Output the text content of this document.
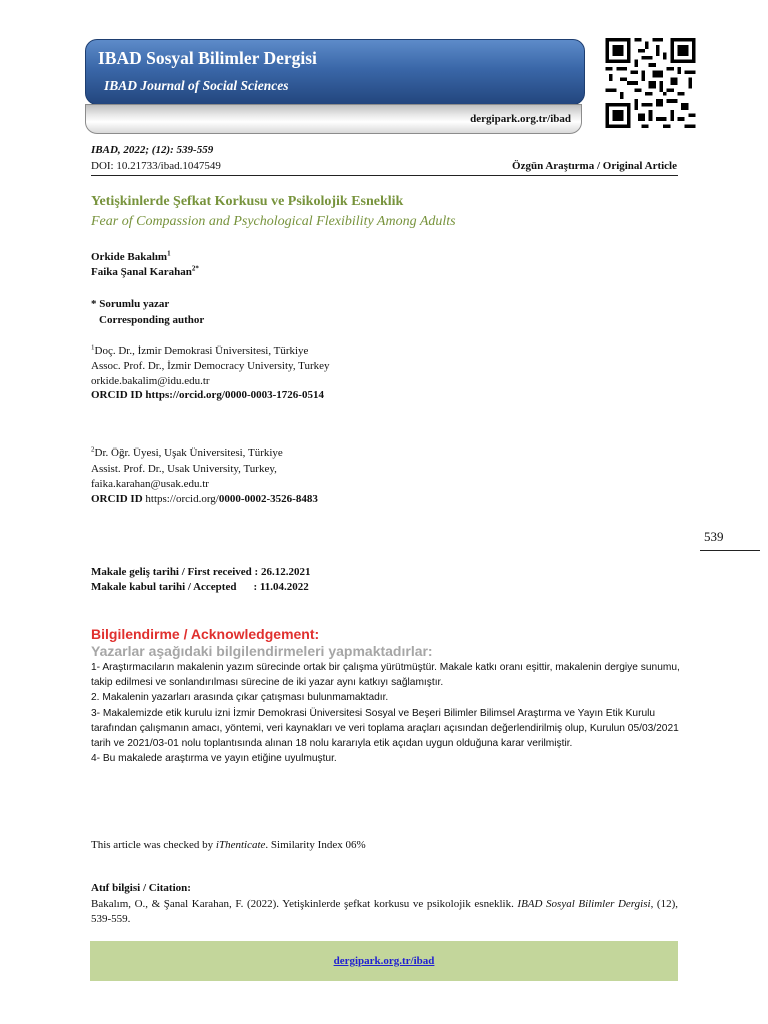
IBAD Sosyal Bilimler Dergisi
IBAD Journal of Social Sciences
dergipark.org.tr/ibad
IBAD, 2022; (12): 539-559
DOI: 10.21733/ibad.1047549	Özgün Araştırma / Original Article
Yetişkinlerde Şefkat Korkusu ve Psikolojik Esneklik
Fear of Compassion and Psychological Flexibility Among Adults
Orkide Bakalım$^1$
Faika Şanal Karahan$^{2*}$
* Sorumlu yazar
Corresponding author
$^1$Doç. Dr., İzmir Demokrasi Üniversitesi, Türkiye
Assoc. Prof. Dr., İzmir Democracy University, Turkey
orkide.bakalim@idu.edu.tr
ORCID ID https://orcid.org/0000-0003-1726-0514
$^2$Dr. Öğr. Üyesi, Uşak Üniversitesi, Türkiye
Assist. Prof. Dr., Usak University, Turkey,
faika.karahan@usak.edu.tr
ORCID ID https://orcid.org/0000-0002-3526-8483
539
Makale geliş tarihi / First received : 26.12.2021
Makale kabul tarihi / Accepted : 11.04.2022
Bilgilendirme / Acknowledgement:
Yazarlar aşağıdaki bilgilendirmeleri yapmaktadırlar:

1- Araştırmacıların makalenin yazım sürecinde ortak bir çalışma yürütmüştür. Makale katkı oranı eşittir, makalenin dergiye sunumu, takip edilmesi ve sonlandırılması sürecine de iki yazar aynı katkıyı sağlamıştır.

2. Makalenin yazarları arasında çıkar çatışması bulunmamaktadır.

3- Makalemizde etik kurulu izni İzmir Demokrasi Üniversitesi Sosyal ve Beşeri Bilimler Bilimsel Araştırma ve Yayın Etik Kurulu tarafından çalışmanın amacı, yöntemi, veri kaynakları ve veri toplama araçları açısından değerlendirilmiş olup, Kurulun 05/03/2021 tarih ve 2021/03-01 nolu toplantısında alınan 18 nolu kararıyla etik açıdan uygun olduğuna karar verilmiştir.

4- Bu makalede araştırma ve yayın etiğine uyulmuştur.

This article was checked by iThenticate. Similarity Index 06%
Atıf bilgisi / Citation:
Bakalım, O., & Şanal Karahan, F. (2022). Yetişkinlerde şefkat korkusu ve psikolojik esneklik. IBAD Sosyal Bilimler Dergisi, (12), 539-559.
dergipark.org.tr/ibad
